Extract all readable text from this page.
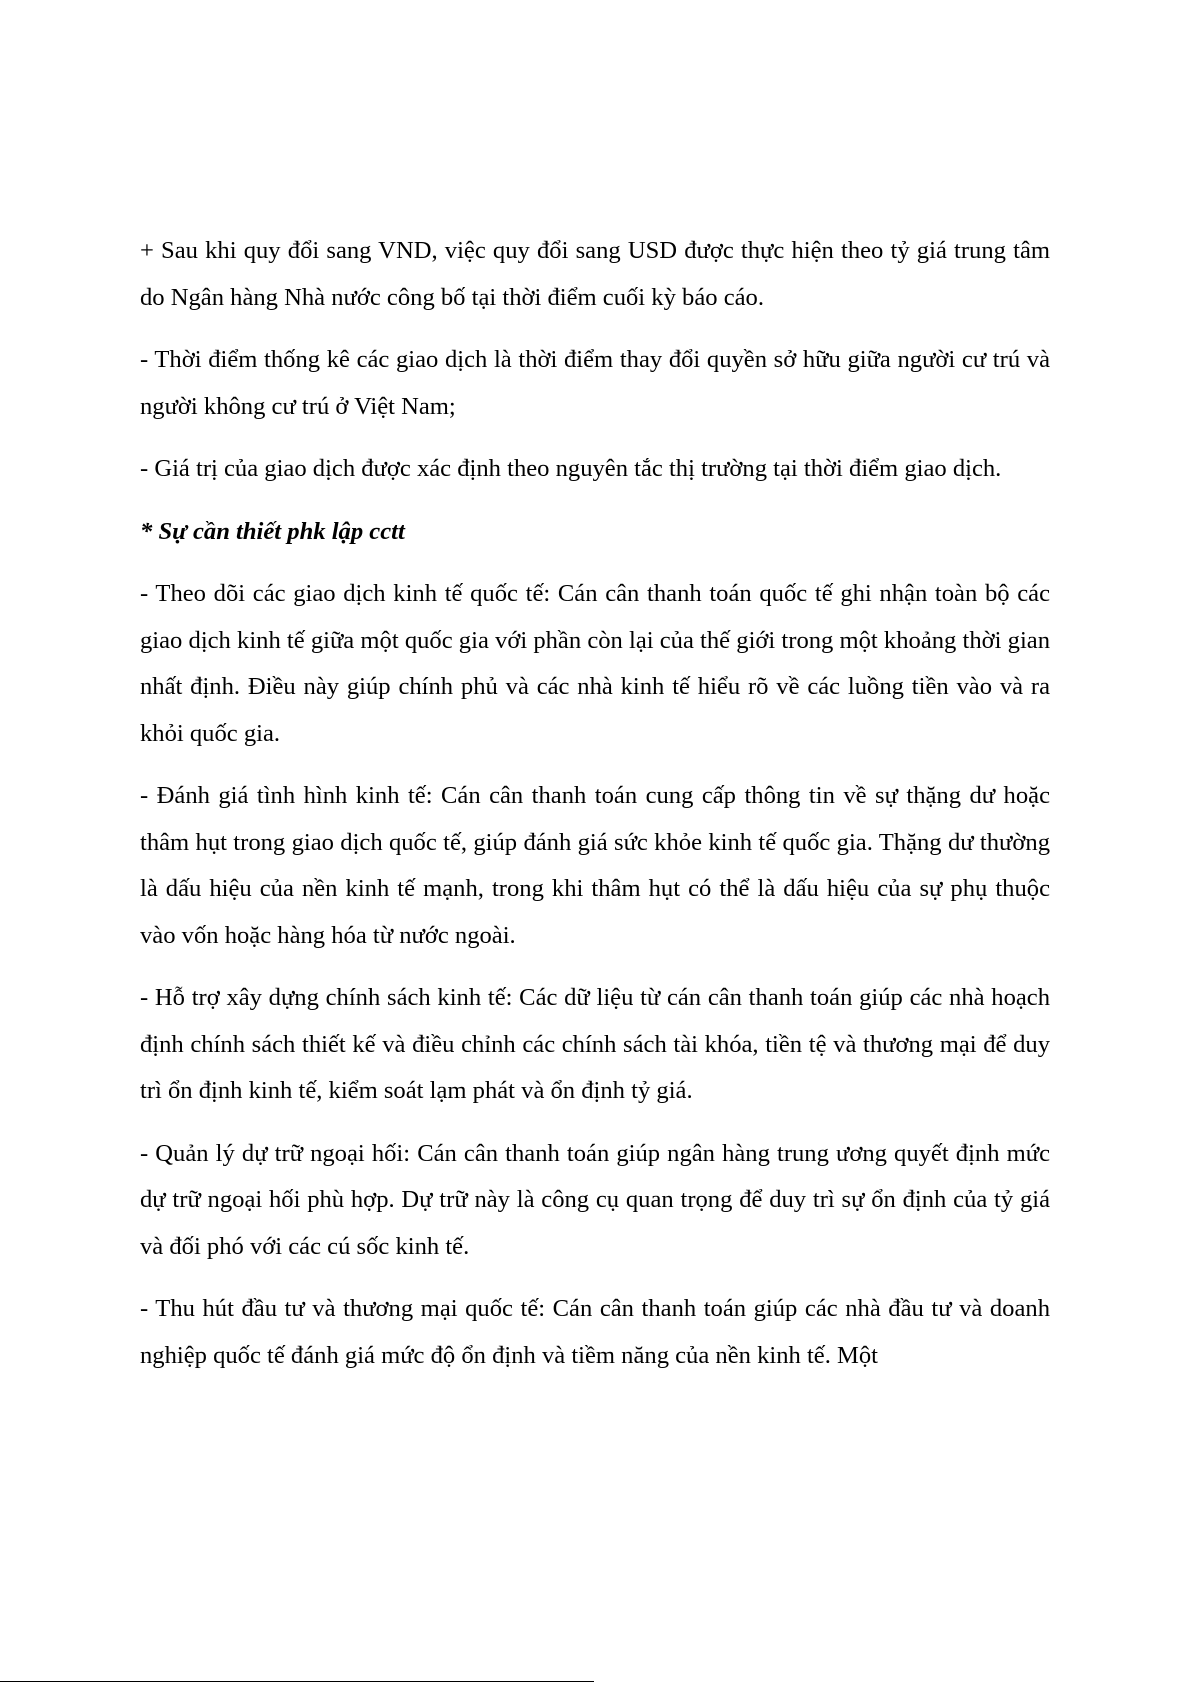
+ Sau khi quy đổi sang VND, việc quy đổi sang USD được thực hiện theo tỷ giá trung tâm do Ngân hàng Nhà nước công bố tại thời điểm cuối kỳ báo cáo.

- Thời điểm thống kê các giao dịch là thời điểm thay đổi quyền sở hữu giữa người cư trú và người không cư trú ở Việt Nam;

- Giá trị của giao dịch được xác định theo nguyên tắc thị trường tại thời điểm giao dịch.

* Sự cần thiết phk lập cctt

- Theo dõi các giao dịch kinh tế quốc tế: Cán cân thanh toán quốc tế ghi nhận toàn bộ các giao dịch kinh tế giữa một quốc gia với phần còn lại của thế giới trong một khoảng thời gian nhất định. Điều này giúp chính phủ và các nhà kinh tế hiểu rõ về các luồng tiền vào và ra khỏi quốc gia.

- Đánh giá tình hình kinh tế: Cán cân thanh toán cung cấp thông tin về sự thặng dư hoặc thâm hụt trong giao dịch quốc tế, giúp đánh giá sức khỏe kinh tế quốc gia. Thặng dư thường là dấu hiệu của nền kinh tế mạnh, trong khi thâm hụt có thể là dấu hiệu của sự phụ thuộc vào vốn hoặc hàng hóa từ nước ngoài.

- Hỗ trợ xây dựng chính sách kinh tế: Các dữ liệu từ cán cân thanh toán giúp các nhà hoạch định chính sách thiết kế và điều chỉnh các chính sách tài khóa, tiền tệ và thương mại để duy trì ổn định kinh tế, kiểm soát lạm phát và ổn định tỷ giá.

- Quản lý dự trữ ngoại hối: Cán cân thanh toán giúp ngân hàng trung ương quyết định mức dự trữ ngoại hối phù hợp. Dự trữ này là công cụ quan trọng để duy trì sự ổn định của tỷ giá và đối phó với các cú sốc kinh tế.

- Thu hút đầu tư và thương mại quốc tế: Cán cân thanh toán giúp các nhà đầu tư và doanh nghiệp quốc tế đánh giá mức độ ổn định và tiềm năng của nền kinh tế. Một
